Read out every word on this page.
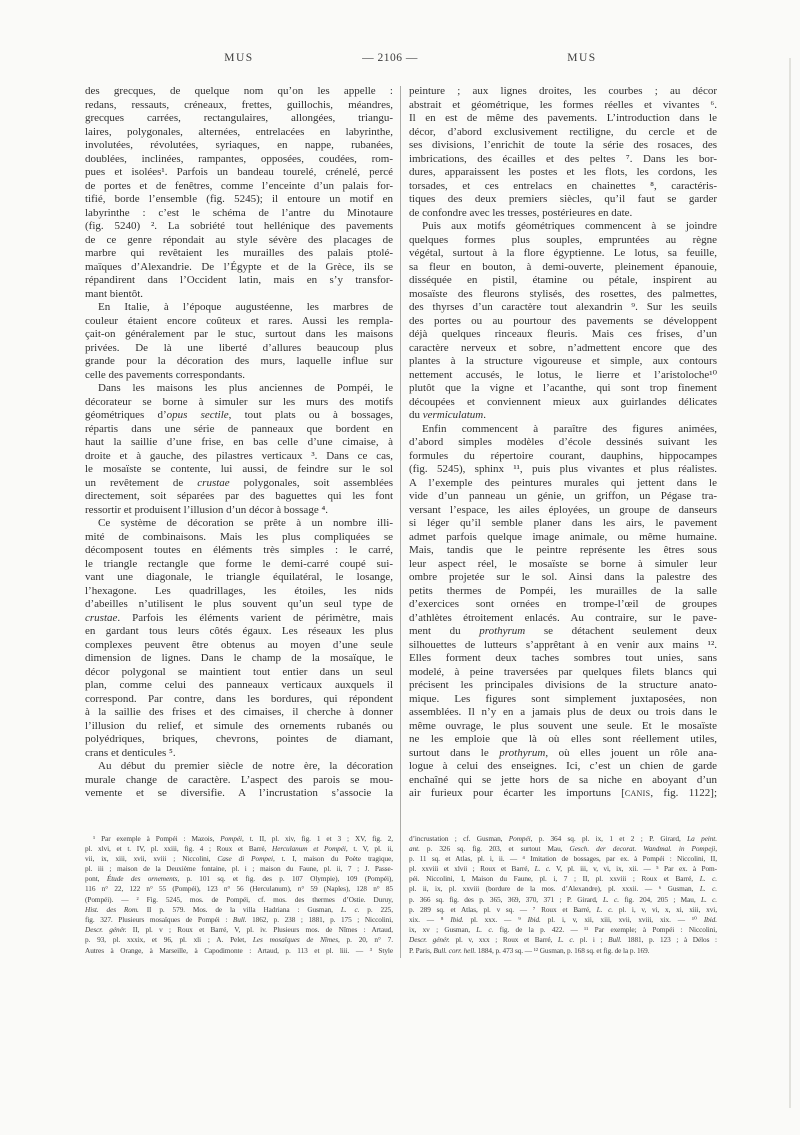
MUS	— 2106 —	MUS

des grecques, de quelque nom qu’on les appelle :
redans, ressauts, créneaux, frettes, guillochis, méandres,
grecques carrées, rectangulaires, allongées, triangu-
laires, polygonales, alternées, entrelacées en labyrinthe,
involutées, révolutées, syriaques, en nappe, rubanées,
doublées, inclinées, rampantes, opposées, coudées, rom-
pues et isolées¹. Parfois un bandeau tourelé, crénelé, percé
de portes et de fenêtres, comme l’enceinte d’un palais for-
tifié, borde l’ensemble (fig. 5245); il entoure un motif en
labyrinthe : c’est le schéma de l’antre du Minotaure
(fig. 5240) ². La sobriété tout hellénique des pavements
de ce genre répondait au style sévère des placages de
marbre qui revêtaient les murailles des palais ptolé-
maïques d’Alexandrie. De l’Égypte et de la Grèce, ils se
répandirent dans l’Occident latin, mais en s’y transfor-
mant bientôt.

En Italie, à l’époque augustéenne, les marbres de
couleur étaient encore coûteux et rares. Aussi les rempla-
çait-on généralement par le stuc, surtout dans les maisons
privées. De là une liberté d’allures beaucoup plus
grande pour la décoration des murs, laquelle influe sur
celle des pavements correspondants.

Dans les maisons les plus anciennes de Pompéi, le
décorateur se borne à simuler sur les murs des motifs
géométriques d’opus sectile, tout plats ou à bossages,
répartis dans une série de panneaux que bordent en
haut la saillie d’une frise, en bas celle d’une cimaise, à
droite et à gauche, des pilastres verticaux ³. Dans ce cas,
le mosaïste se contente, lui aussi, de feindre sur le sol
un revêtement de crustae polygonales, soit assemblées
directement, soit séparées par des baguettes qui les font
ressortir et produisent l’illusion d’un décor à bossage ⁴.

Ce système de décoration se prête à un nombre illi-
mité de combinaisons. Mais les plus compliquées se
décomposent toutes en éléments très simples : le carré,
le triangle rectangle que forme le demi-carré coupé sui-
vant une diagonale, le triangle équilatéral, le losange,
l’hexagone. Les quadrillages, les étoiles, les nids
d’abeilles n’utilisent le plus souvent qu’un seul type de
crustae. Parfois les éléments varient de périmètre, mais
en gardant tous leurs côtés égaux. Les réseaux les plus
complexes peuvent être obtenus au moyen d’une seule
dimension de lignes. Dans le champ de la mosaïque, le
décor polygonal se maintient tout entier dans un seul
plan, comme celui des panneaux verticaux auxquels il
correspond. Par contre, dans les bordures, qui répondent
à la saillie des frises et des cimaises, il cherche à donner
l’illusion du relief, et simule des ornements rubanés ou
polyédriques, briques, chevrons, pointes de diamant,
crans et denticules ⁵.

Au début du premier siècle de notre ère, la décoration
murale change de caractère. L’aspect des parois se mou-
vemente et se diversifie. A l’incrustation s’associe la

¹ Par exemple à Pompéi : Mazois, Pompéi, t. II, pl. xiv, fig. 1 et 3 ; XV, fig. 2,
pl. xlvi, et t. IV, pl. xxiii, fig. 4 ; Roux et Barré, Herculanum et Pompéi, t. V, pl. ii,
vii, ix, xiii, xvii, xviii ; Niccolini, Case di Pompei, t. I, maison du Poète tragique,
pl. iii ; maison de la Deuxième fontaine, pl. i ; maison du Faune, pl. ii, 7 ; J. Passe-
pont, Étude des ornements, p. 101 sq. et fig. des p. 107 Olympie), 109 (Pompéi),
116 n° 22, 122 n° 55 (Pompéi), 123 n° 56 (Herculanum), n° 59 (Naples), 128 n° 85
(Pompéi). — ² Fig. 5245, mos. de Pompéi, cf. mos. des thermes d’Ostie. Duruy,
Hist. des Rom. II p. 579. Mos. de la villa Hadriana : Gusman, L. c. p. 225,
fig. 327. Plusieurs mosaïques de Pompéi : Bull. 1862, p. 238 ; 1881, p. 175 ; Niccolini,
Descr. génér. II, pl. v ; Roux et Barré, V, pl. iv. Plusieurs mos. de Nîmes : Artaud,
p. 93, pl. xxxix, et 96, pl. xli ; A. Pelet, Les mosaïques de Nîmes, p. 20, n° 7.
Autres à Orange, à Marseille, à Capodimonte : Artaud, p. 113 et pl. liii. — ³ Style

peinture ; aux lignes droites, les courbes ; au décor
abstrait et géométrique, les formes réelles et vivantes ⁶.
Il en est de même des pavements. L’introduction dans le
décor, d’abord exclusivement rectiligne, du cercle et de
ses divisions, l’enrichit de toute la série des rosaces, des
imbrications, des écailles et des peltes ⁷. Dans les bor-
dures, apparaissent les postes et les flots, les cordons, les
torsades, et ces entrelacs en chainettes ⁸, caractéris-
tiques des deux premiers siècles, qu’il faut se garder
de confondre avec les tresses, postérieures en date.

Puis aux motifs géométriques commencent à se joindre
quelques formes plus souples, empruntées au règne
végétal, surtout à la flore égyptienne. Le lotus, sa feuille,
sa fleur en bouton, à demi-ouverte, pleinement épanouie,
disséquée en pistil, étamine ou pétale, inspirent au
mosaïste des fleurons stylisés, des rosettes, des palmettes,
des thyrses d’un caractère tout alexandrin ⁹. Sur les seuils
des portes ou au pourtour des pavements se développent
déjà quelques rinceaux fleuris. Mais ces frises, d’un
caractère nerveux et sobre, n’admettent encore que des
plantes à la structure vigoureuse et simple, aux contours
nettement accusés, le lotus, le lierre et l’aristoloche¹⁰
plutôt que la vigne et l’acanthe, qui sont trop finement
découpées et conviennent mieux aux guirlandes délicates
du vermiculatum.

Enfin commencent à paraître des figures animées,
d’abord simples modèles d’école dessinés suivant les
formules du répertoire courant, dauphins, hippocampes
(fig. 5245), sphinx ¹¹, puis plus vivantes et plus réalistes.
A l’exemple des peintures murales qui jettent dans le
vide d’un panneau un génie, un griffon, un Pégase tra-
versant l’espace, les ailes éployées, un groupe de danseurs
si léger qu’il semble planer dans les airs, le pavement
admet parfois quelque image animale, ou même humaine.
Mais, tandis que le peintre représente les êtres sous
leur aspect réel, le mosaïste se borne à simuler leur
ombre projetée sur le sol. Ainsi dans la palestre des
petits thermes de Pompéi, les murailles de la salle
d’exercices sont ornées en trompe-l’œil de groupes
d’athlètes étroitement enlacés. Au contraire, sur le pave-
ment du prothyrum se détachent seulement deux
silhouettes de lutteurs s’apprêtant à en venir aux mains ¹².
Elles forment deux taches sombres tout unies, sans
modelé, à peine traversées par quelques filets blancs qui
précisent les principales divisions de la structure anato-
mique. Les figures sont simplement juxtaposées, non
assemblées. Il n’y en a jamais plus de deux ou trois dans le
même ouvrage, le plus souvent une seule. Et le mosaïste
ne les emploie que là où elles sont réellement utiles,
surtout dans le prothyrum, où elles jouent un rôle ana-
logue à celui des enseignes. Ici, c’est un chien de garde
enchaîné qui se jette hors de sa niche en aboyant d’un
air furieux pour écarter les importuns [canis, fig. 1122];

d’incrustation ; cf. Gusman, Pompéi, p. 364 sq. pl. ix, 1 et 2 ; P. Girard, La peint.
ant. p. 326 sq. fig. 203, et surtout Mau, Gesch. der decorat. Wandmal. in Pompeji,
p. 11 sq. et Atlas, pl. i, ii. — ⁴ Imitation de bossages, par ex. à Pompéi : Niccolini, II,
pl. xxviii et xlvii ; Roux et Barré, L. c. V, pl. iii, v, vi, ix, xii. — ⁵ Par ex. à Pom-
péi. Niccolini, I, Maison du Faune, pl. i, 7 ; II, pl. xxviii ; Roux et Barré, L. c.
pl. ii, ix, pl. xxviii (bordure de la mos. d’Alexandre), pl. xxxii. — ⁶ Gusman, L. c.
p. 366 sq. fig. des p. 365, 369, 370, 371 ; P. Girard, L. c. fig. 204, 205 ; Mau, L. c.
p. 289 sq. et Atlas, pl. v sq. — ⁷ Roux et Barré, L. c. pl. i, v, vi, x, xi, xiii, xvi,
xix. — ⁸ Ibid. pl. xxx. — ⁹ Ibid. pl. i, v, xii, xiii, xvii, xviii, xix. — ¹⁰ Ibid.
ix, xv ; Gusman, L. c. fig. de la p. 422. — ¹¹ Par exemple; à Pompéi : Niccolini,
Descr. génér. pl. v, xxx ; Roux et Barré, L. c. pl. i ; Bull. 1881, p. 123 ; à Délos :
P. Paris, Bull. corr. hell. 1884, p. 473 sq. — ¹² Gusman, p. 168 sq. et fig. de la p. 169.
